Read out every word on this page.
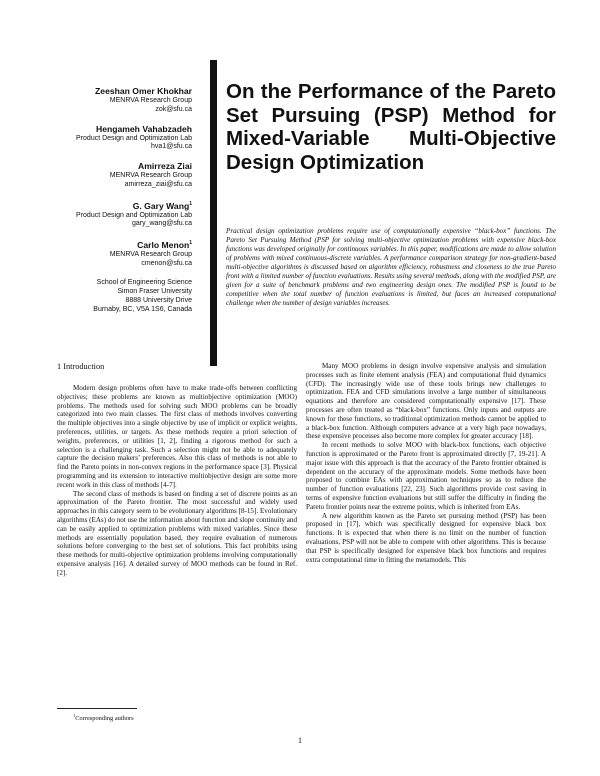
Zeeshan Omer Khokhar
MENRVA Research Group
zok@sfu.ca
Hengameh Vahabzadeh
Product Design and Optimization Lab
hva1@sfu.ca
Amirreza Ziai
MENRVA Research Group
amirreza_ziai@sfu.ca
G. Gary Wang$^1$
Product Design and Optimization Lab
gary_wang@sfu.ca
Carlo Menon$^1$
MENRVA Research Group
cmenon@sfu.ca
School of Engineering Science
Simon Fraser University
8888 University Drive
Burnaby, BC, V5A 1S6, Canada
On the Performance of the Pareto Set Pursuing (PSP) Method for Mixed-Variable Multi-Objective Design Optimization

Practical design optimization problems require use of computationally expensive “black-box” functions. The Pareto Set Pursuing Method (PSP for solving multi-objective optimization problems with expensive black-box functions was developed originally for continuous variables. In this paper, modifications are made to allow solution of problems with mixed continuous-discrete variables. A performance comparison strategy for non-gradient-based multi-objective algorithms is discussed based on algorithm efficiency, robustness and closeness to the true Pareto front with a limited number of function evaluations. Results using several methods, along with the modified PSP, are given for a suite of benchmark problems and two engineering design ones. The modified PSP is found to be competitive when the total number of function evaluations is limited, but faces an increased computational challenge when the number of design variables increases.

1 Introduction

Modern design problems often have to make trade-offs between conflicting objectives; these problems are known as multiobjective optimization (MOO) problems. The methods used for solving such MOO problems can be broadly categorized into two main classes. The first class of methods involves converting the multiple objectives into a single objective by use of implicit or explicit weights, preferences, utilities, or targets. As these methods require a priori selection of weights, preferences, or utilities [1, 2], finding a rigorous method for such a selection is a challenging task. Such a selection might not be able to adequately capture the decision makers’ preferences. Also this class of methods is not able to find the Pareto points in non-convex regions in the performance space [3]. Physical programming and its extension to interactive multiobjective design are some more recent work in this class of methods [4-7].

The second class of methods is based on finding a set of discrete points as an approximation of the Pareto frontier. The most successful and widely used approaches in this category seem to be evolutionary algorithms [8-15]. Evolutionary algorithms (EAs) do not use the information about function and slope continuity and can be easily applied to optimization problems with mixed variables. Since these methods are essentially population based, they require evaluation of numerous solutions before converging to the best set of solutions. This fact prohibits using these methods for multi-objective optimization problems involving computationally expensive analysis [16]. A detailed survey of MOO methods can be found in Ref. [2].

Many MOO problems in design involve expensive analysis and simulation processes such as finite element analysis (FEA) and computational fluid dynamics (CFD). The increasingly wide use of these tools brings new challenges to optimization. FEA and CFD simulations involve a large number of simultaneous equations and therefore are considered computationally expensive [17]. These processes are often treated as “black-box” functions. Only inputs and outputs are known for these functions, so traditional optimization methods cannot be applied to a black-box function. Although computers advance at a very high pace nowadays, these expensive processes also become more complex for greater accuracy [18].

In recent methods to solve MOO with black-box functions, each objective function is approximated or the Pareto front is approximated directly [7, 19-21]. A major issue with this approach is that the accuracy of the Pareto frontier obtained is dependent on the accuracy of the approximate models. Some methods have been proposed to combine EAs with approximation techniques so as to reduce the number of function evaluations [22, 23]. Such algorithms provide cost saving in terms of expensive function evaluations but still suffer the difficulty in finding the Pareto frontier points near the extreme points, which is inherited from EAs.

A new algorithm known as the Pareto set pursuing method (PSP) has been proposed in [17], which was specifically designed for expensive black box functions. It is expected that when there is no limit on the number of function evaluations, PSP will not be able to compete with other algorithms. This is because that PSP is specifically designed for expensive black box functions and requires extra computational time in fitting the metamodels. This

$^1$Corresponding authors
1
